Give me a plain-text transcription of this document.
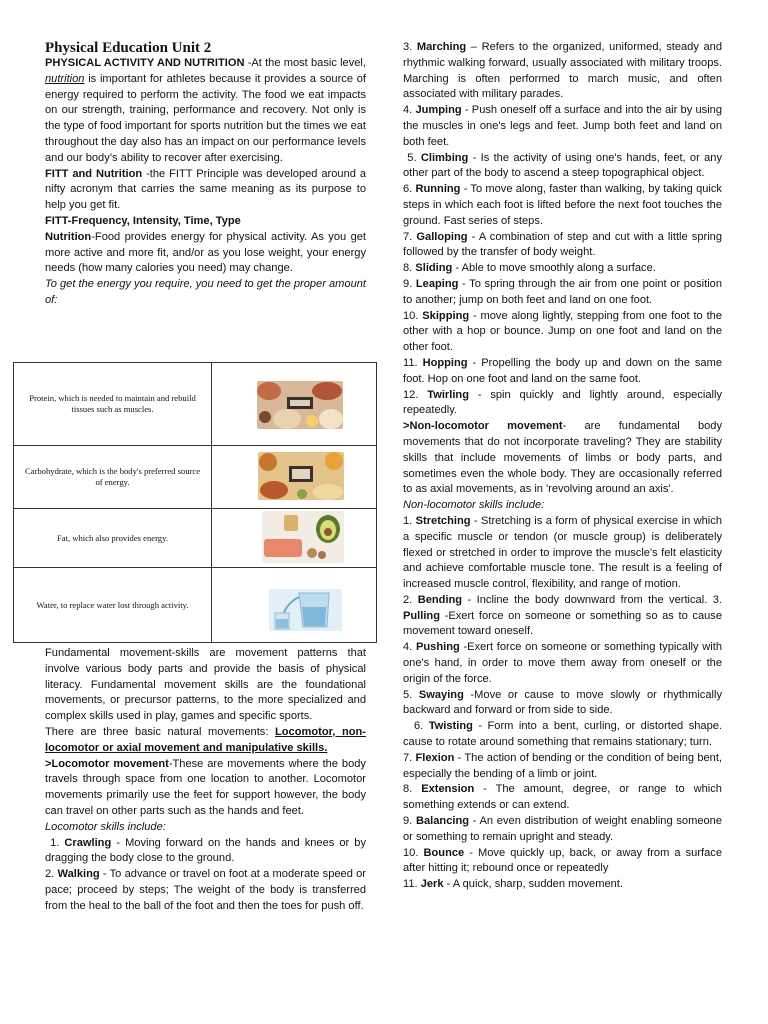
Physical Education Unit 2

PHYSICAL ACTIVITY AND NUTRITION -At the most basic level, nutrition is important for athletes because it provides a source of energy required to perform the activity. The food we eat impacts on our strength, training, performance and recovery. Not only is the type of food important for sports nutrition but the times we eat throughout the day also has an impact on our performance levels and our body’s ability to recover after exercising.

FITT and Nutrition -the FITT Principle was developed around a nifty acronym that carries the same meaning as its purpose to help you get fit.

FITT-Frequency, Intensity, Time, Type

Nutrition-Food provides energy for physical activity. As you get more active and more fit, and/or as you lose weight, your energy needs (how many calories you need) may change.

To get the energy you require, you need to get the proper amount of:

Protein, which is needed to maintain and rebuild tissues such as muscles.	

Carbohydrate, which is the body's preferred source of energy.	

Fat, which also provides energy.	

Water, to replace water lost through activity.	

Fundamental movement-skills are movement patterns that involve various body parts and provide the basis of physical literacy. Fundamental movement skills are the foundational movements, or precursor patterns, to the more specialized and complex skills used in play, games and specific sports.

There are three basic natural movements: Locomotor, non-locomotor or axial movement and manipulative skills.

>Locomotor movement-These are movements where the body travels through space from one location to another. Locomotor movements primarily use the feet for support however, the body can travel on other parts such as the hands and feet.

Locomotor skills include:

1. Crawling - Moving forward on the hands and knees or by dragging the body close to the ground.

2. Walking - To advance or travel on foot at a moderate speed or pace; proceed by steps; The weight of the body is transferred from the heal to the ball of the foot and then the toes for push off.

3. Marching – Refers to the organized, uniformed, steady and rhythmic walking forward, usually associated with military troops. Marching is often performed to march music, and often associated with military parades.

4. Jumping - Push oneself off a surface and into the air by using the muscles in one's legs and feet. Jump both feet and land on both feet.

5. Climbing - Is the activity of using one's hands, feet, or any other part of the body to ascend a steep topographical object.

6. Running - To move along, faster than walking, by taking quick steps in which each foot is lifted before the next foot touches the ground. Fast series of steps.

7. Galloping - A combination of step and cut with a little spring followed by the transfer of body weight.

8. Sliding - Able to move smoothly along a surface.

9. Leaping - To spring through the air from one point or position to another; jump on both feet and land on one foot.

10. Skipping - move along lightly, stepping from one foot to the other with a hop or bounce. Jump on one foot and land on the other foot.

11. Hopping - Propelling the body up and down on the same foot. Hop on one foot and land on the same foot.

12. Twirling - spin quickly and lightly around, especially repeatedly.

>Non-locomotor movement- are fundamental body movements that do not incorporate traveling? They are stability skills that include movements of limbs or body parts, and sometimes even the whole body. They are occasionally referred to as axial movements, as in 'revolving around an axis'.

Non-locomotor skills include:

1. Stretching - Stretching is a form of physical exercise in which a specific muscle or tendon (or muscle group) is deliberately flexed or stretched in order to improve the muscle's felt elasticity and achieve comfortable muscle tone. The result is a feeling of increased muscle control, flexibility, and range of motion.

2. Bending - Incline the body downward from the vertical. 3. Pulling -Exert force on someone or something so as to cause movement toward oneself.

4. Pushing -Exert force on someone or something typically with one's hand, in order to move them away from oneself or the origin of the force.

5. Swaying -Move or cause to move slowly or rhythmically backward and forward or from side to side.

6. Twisting - Form into a bent, curling, or distorted shape. cause to rotate around something that remains stationary; turn.

7. Flexion - The action of bending or the condition of being bent, especially the bending of a limb or joint.

8. Extension - The amount, degree, or range to which something extends or can extend.

9. Balancing - An even distribution of weight enabling someone or something to remain upright and steady.

10. Bounce - Move quickly up, back, or away from a surface after hitting it; rebound once or repeatedly

11. Jerk - A quick, sharp, sudden movement.
